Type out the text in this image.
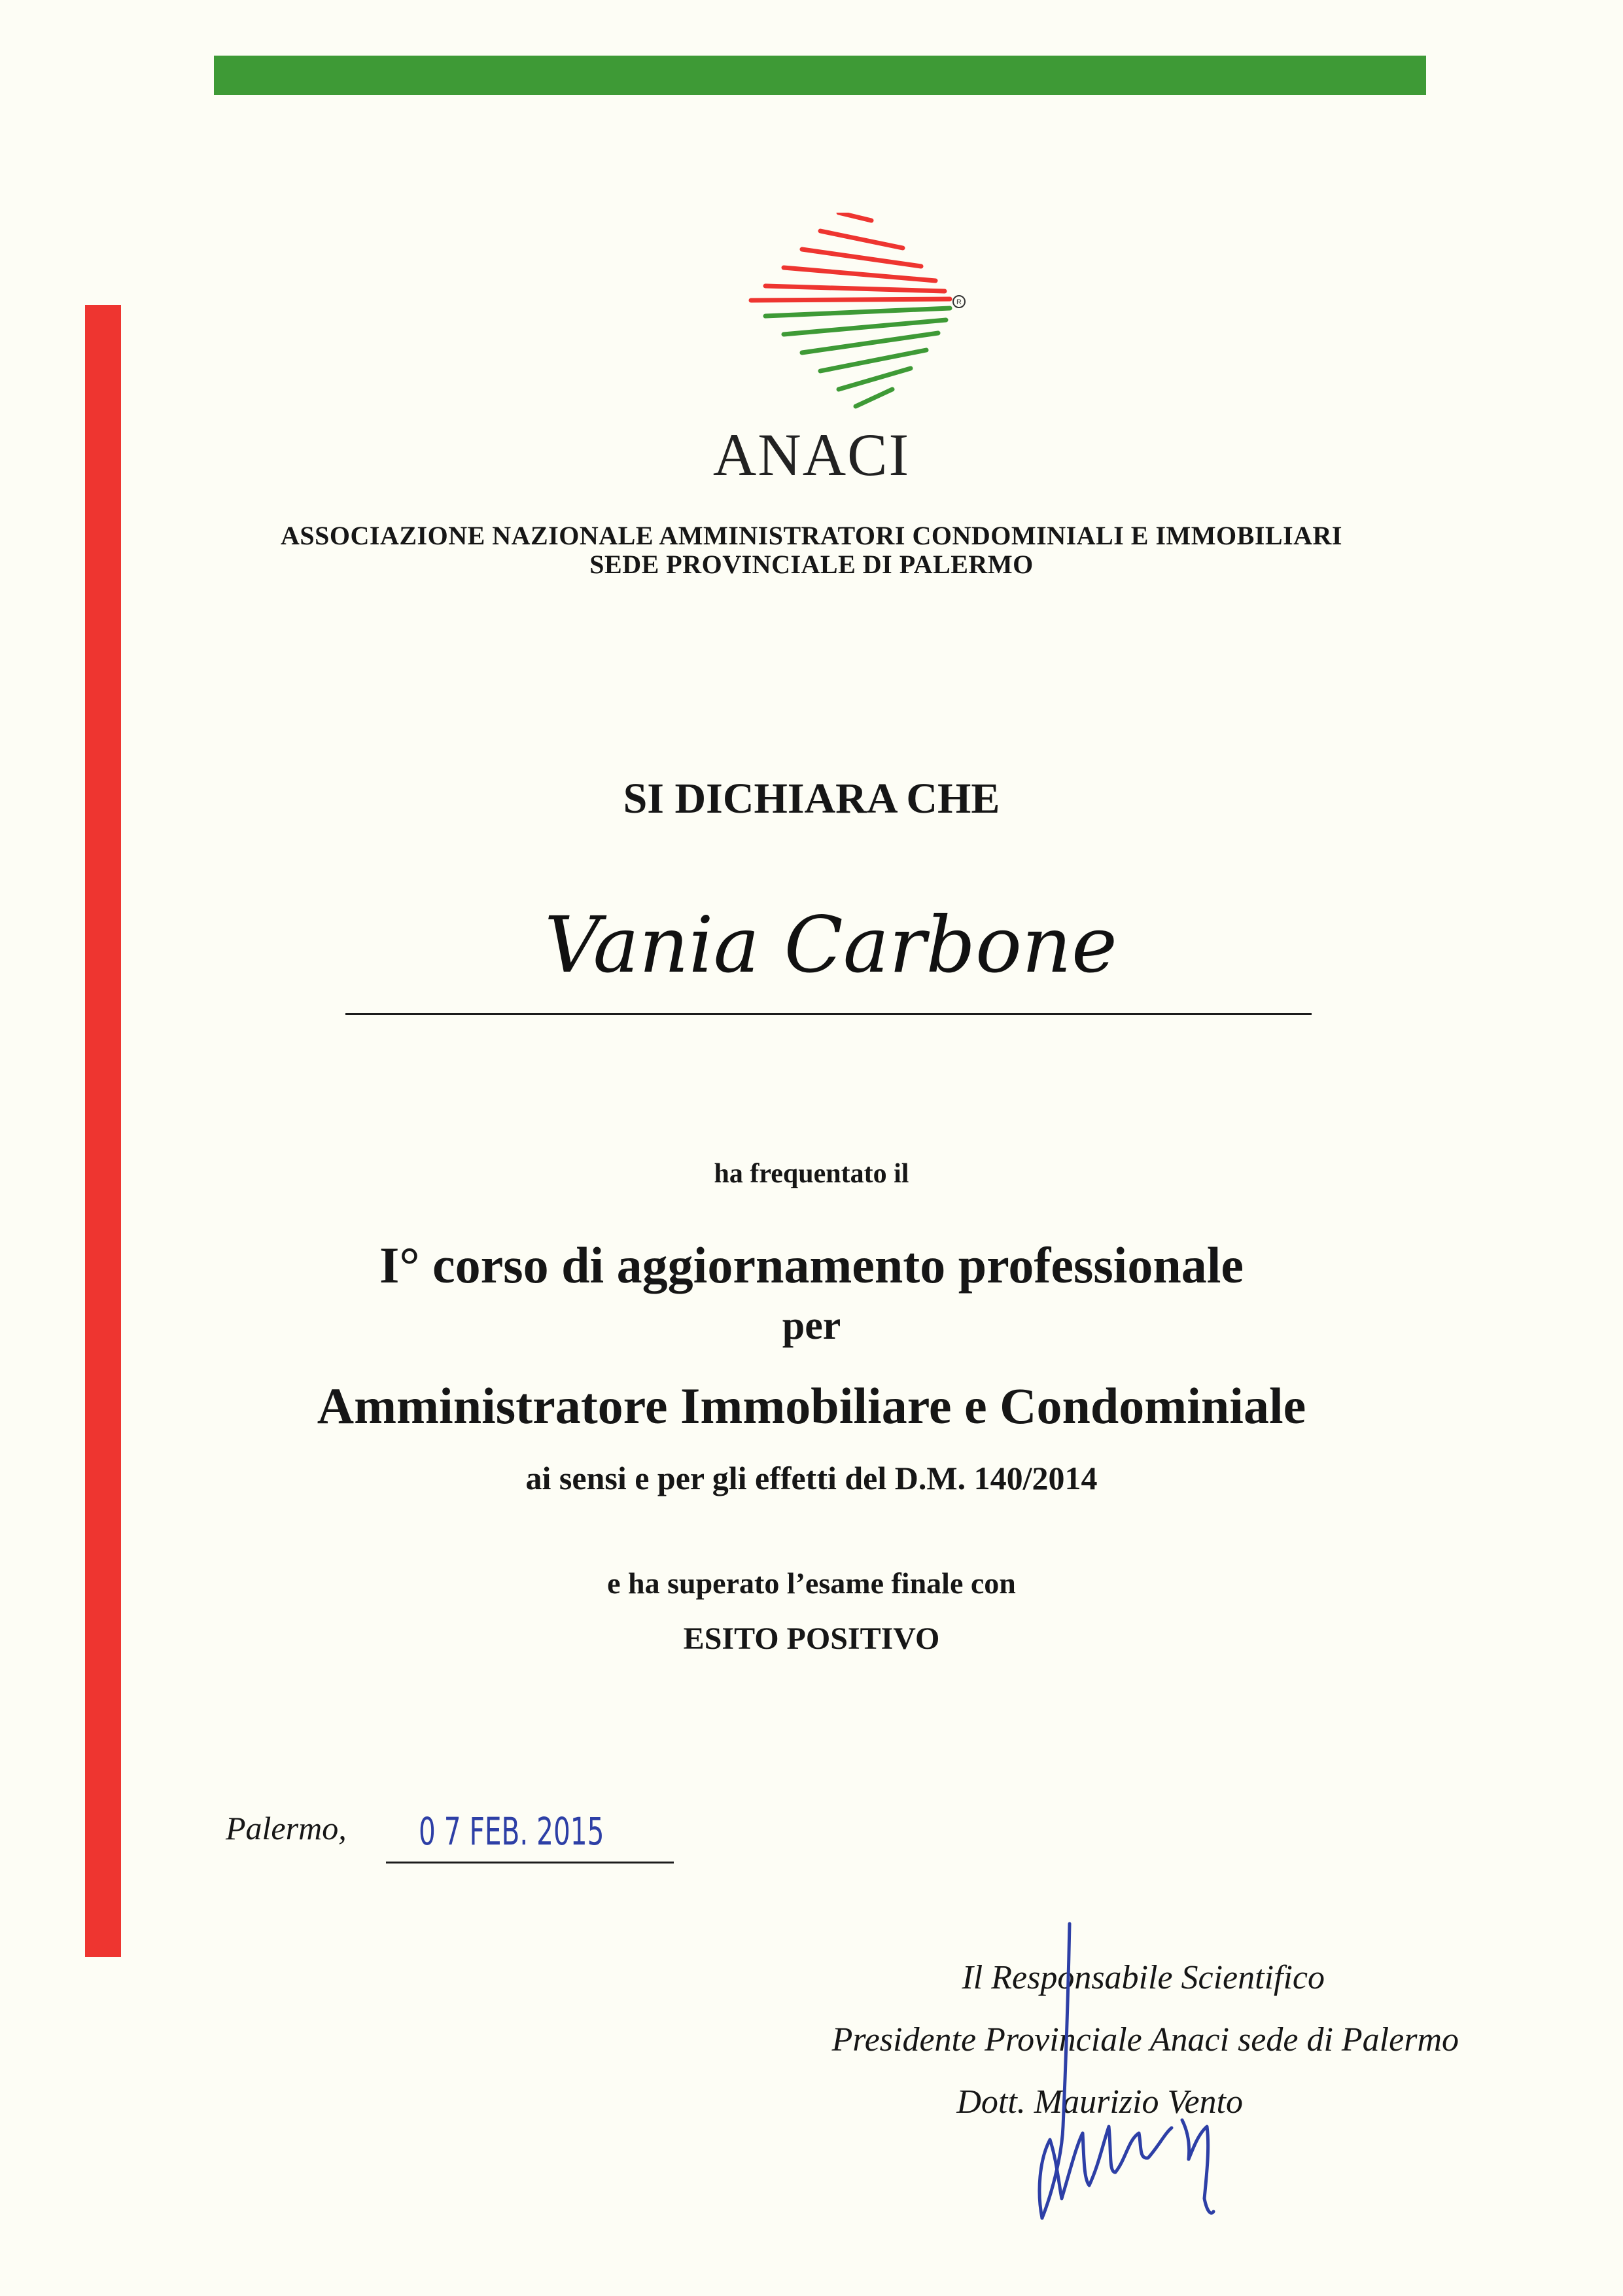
R
ANACI
ASSOCIAZIONE NAZIONALE AMMINISTRATORI CONDOMINIALI E IMMOBILIARI
SEDE PROVINCIALE DI PALERMO
SI DICHIARA CHE
Vania Carbone
ha frequentato il
I° corso di aggiornamento professionale
per
Amministratore Immobiliare e Condominiale
ai sensi e per gli effetti del D.M. 140/2014
e ha superato l’esame finale con
ESITO POSITIVO
Palermo, 0 7 FEB. 2015
Il Responsabile Scientifico
Presidente Provinciale Anaci sede di Palermo
Dott. Maurizio Vento
